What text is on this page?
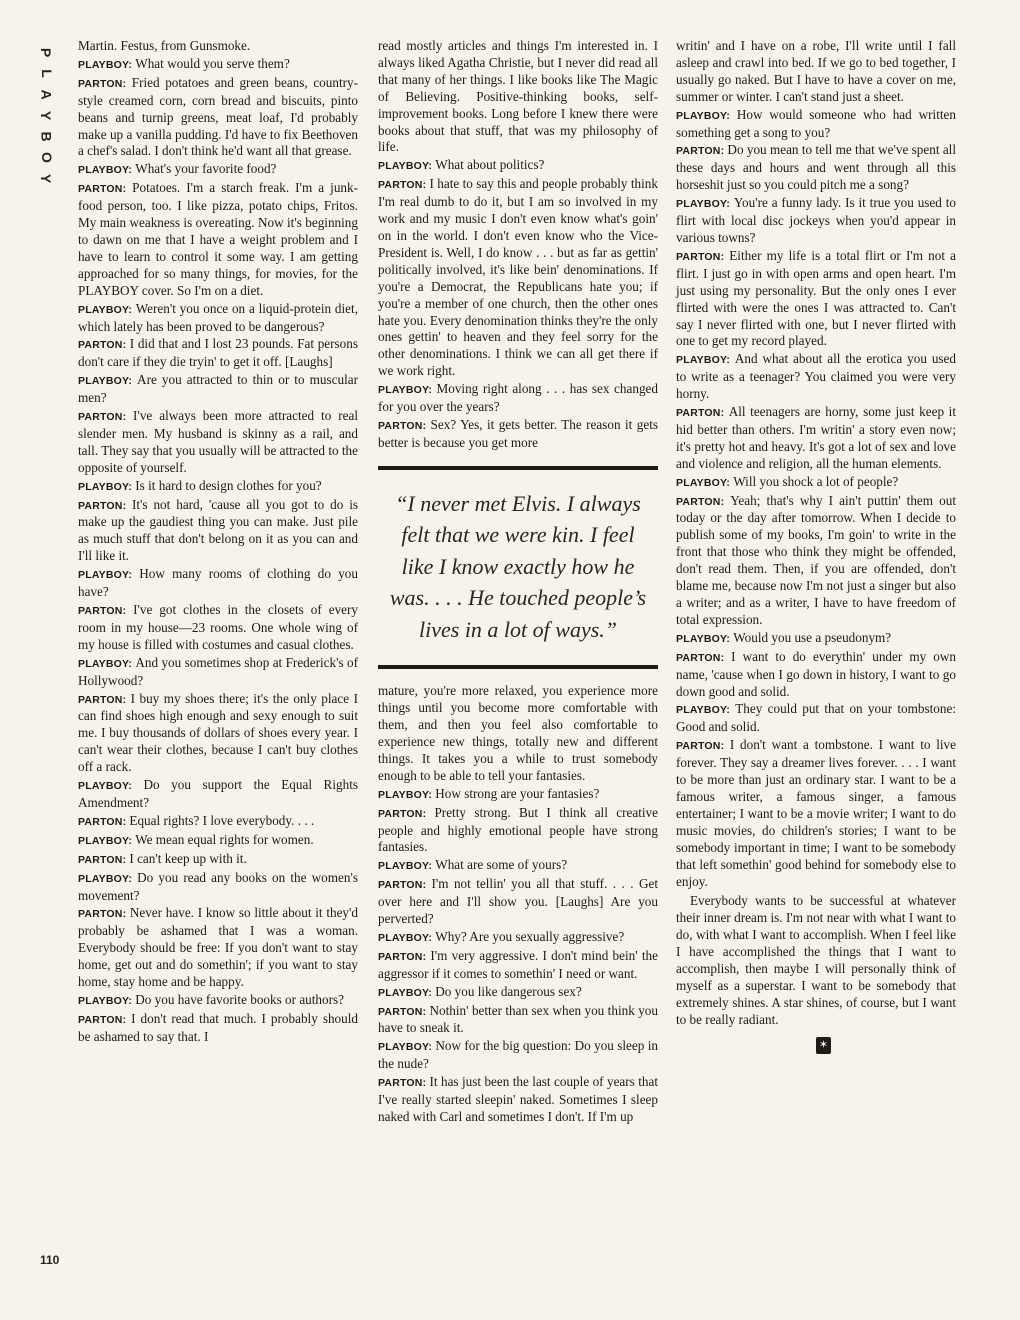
P
L
A
Y
B
O
Y

Martin. Festus, from Gunsmoke.

PLAYBOY: What would you serve them?

PARTON: Fried potatoes and green beans, country-style creamed corn, corn bread and biscuits, pinto beans and turnip greens, meat loaf, I'd probably make up a vanilla pudding. I'd have to fix Beethoven a chef's salad. I don't think he'd want all that grease.

PLAYBOY: What's your favorite food?

PARTON: Potatoes. I'm a starch freak. I'm a junk-food person, too. I like pizza, potato chips, Fritos. My main weakness is overeating. Now it's beginning to dawn on me that I have a weight problem and I have to learn to control it some way. I am getting approached for so many things, for movies, for the PLAYBOY cover. So I'm on a diet.

PLAYBOY: Weren't you once on a liquid-protein diet, which lately has been proved to be dangerous?

PARTON: I did that and I lost 23 pounds. Fat persons don't care if they die tryin' to get it off. [Laughs]

PLAYBOY: Are you attracted to thin or to muscular men?

PARTON: I've always been more attracted to real slender men. My husband is skinny as a rail, and tall. They say that you usually will be attracted to the opposite of yourself.

PLAYBOY: Is it hard to design clothes for you?

PARTON: It's not hard, 'cause all you got to do is make up the gaudiest thing you can make. Just pile as much stuff that don't belong on it as you can and I'll like it.

PLAYBOY: How many rooms of clothing do you have?

PARTON: I've got clothes in the closets of every room in my house—23 rooms. One whole wing of my house is filled with costumes and casual clothes.

PLAYBOY: And you sometimes shop at Frederick's of Hollywood?

PARTON: I buy my shoes there; it's the only place I can find shoes high enough and sexy enough to suit me. I buy thousands of dollars of shoes every year. I can't wear their clothes, because I can't buy clothes off a rack.

PLAYBOY: Do you support the Equal Rights Amendment?

PARTON: Equal rights? I love everybody. . . .

PLAYBOY: We mean equal rights for women.

PARTON: I can't keep up with it.

PLAYBOY: Do you read any books on the women's movement?

PARTON: Never have. I know so little about it they'd probably be ashamed that I was a woman. Everybody should be free: If you don't want to stay home, get out and do somethin'; if you want to stay home, stay home and be happy.

PLAYBOY: Do you have favorite books or authors?

PARTON: I don't read that much. I probably should be ashamed to say that. I

read mostly articles and things I'm interested in. I always liked Agatha Christie, but I never did read all that many of her things. I like books like The Magic of Believing. Positive-thinking books, self-improvement books. Long before I knew there were books about that stuff, that was my philosophy of life.

PLAYBOY: What about politics?

PARTON: I hate to say this and people probably think I'm real dumb to do it, but I am so involved in my work and my music I don't even know what's goin' on in the world. I don't even know who the Vice-President is. Well, I do know . . . but as far as gettin' politically involved, it's like bein' denominations. If you're a Democrat, the Republicans hate you; if you're a member of one church, then the other ones hate you. Every denomination thinks they're the only ones gettin' to heaven and they feel sorry for the other denominations. I think we can all get there if we work right.

PLAYBOY: Moving right along . . . has sex changed for you over the years?

PARTON: Sex? Yes, it gets better. The reason it gets better is because you get more

“I never met Elvis. I always felt that we were kin. I feel like I know exactly how he was. . . . He touched people’s lives in a lot of ways.”

mature, you're more relaxed, you experience more things until you become more comfortable with them, and then you feel also comfortable to experience new things, totally new and different things. It takes you a while to trust somebody enough to be able to tell your fantasies.

PLAYBOY: How strong are your fantasies?

PARTON: Pretty strong. But I think all creative people and highly emotional people have strong fantasies.

PLAYBOY: What are some of yours?

PARTON: I'm not tellin' you all that stuff. . . . Get over here and I'll show you. [Laughs] Are you perverted?

PLAYBOY: Why? Are you sexually aggressive?

PARTON: I'm very aggressive. I don't mind bein' the aggressor if it comes to somethin' I need or want.

PLAYBOY: Do you like dangerous sex?

PARTON: Nothin' better than sex when you think you have to sneak it.

PLAYBOY: Now for the big question: Do you sleep in the nude?

PARTON: It has just been the last couple of years that I've really started sleepin' naked. Sometimes I sleep naked with Carl and sometimes I don't. If I'm up

writin' and I have on a robe, I'll write until I fall asleep and crawl into bed. If we go to bed together, I usually go naked. But I have to have a cover on me, summer or winter. I can't stand just a sheet.

PLAYBOY: How would someone who had written something get a song to you?

PARTON: Do you mean to tell me that we've spent all these days and hours and went through all this horseshit just so you could pitch me a song?

PLAYBOY: You're a funny lady. Is it true you used to flirt with local disc jockeys when you'd appear in various towns?

PARTON: Either my life is a total flirt or I'm not a flirt. I just go in with open arms and open heart. I'm just using my personality. But the only ones I ever flirted with were the ones I was attracted to. Can't say I never flirted with one, but I never flirted with one to get my record played.

PLAYBOY: And what about all the erotica you used to write as a teenager? You claimed you were very horny.

PARTON: All teenagers are horny, some just keep it hid better than others. I'm writin' a story even now; it's pretty hot and heavy. It's got a lot of sex and love and violence and religion, all the human elements.

PLAYBOY: Will you shock a lot of people?

PARTON: Yeah; that's why I ain't puttin' them out today or the day after tomorrow. When I decide to publish some of my books, I'm goin' to write in the front that those who think they might be offended, don't read them. Then, if you are offended, don't blame me, because now I'm not just a singer but also a writer; and as a writer, I have to have freedom of total expression.

PLAYBOY: Would you use a pseudonym?

PARTON: I want to do everythin' under my own name, 'cause when I go down in history, I want to go down good and solid.

PLAYBOY: They could put that on your tombstone: Good and solid.

PARTON: I don't want a tombstone. I want to live forever. They say a dreamer lives forever. . . . I want to be more than just an ordinary star. I want to be a famous writer, a famous singer, a famous entertainer; I want to be a movie writer; I want to do music movies, do children's stories; I want to be somebody important in time; I want to be somebody that left somethin' good behind for somebody else to enjoy.

Everybody wants to be successful at whatever their inner dream is. I'm not near with what I want to do, with what I want to accomplish. When I feel like I have accomplished the things that I want to accomplish, then maybe I will personally think of myself as a superstar. I want to be somebody that extremely shines. A star shines, of course, but I want to be really radiant.

✶
110
